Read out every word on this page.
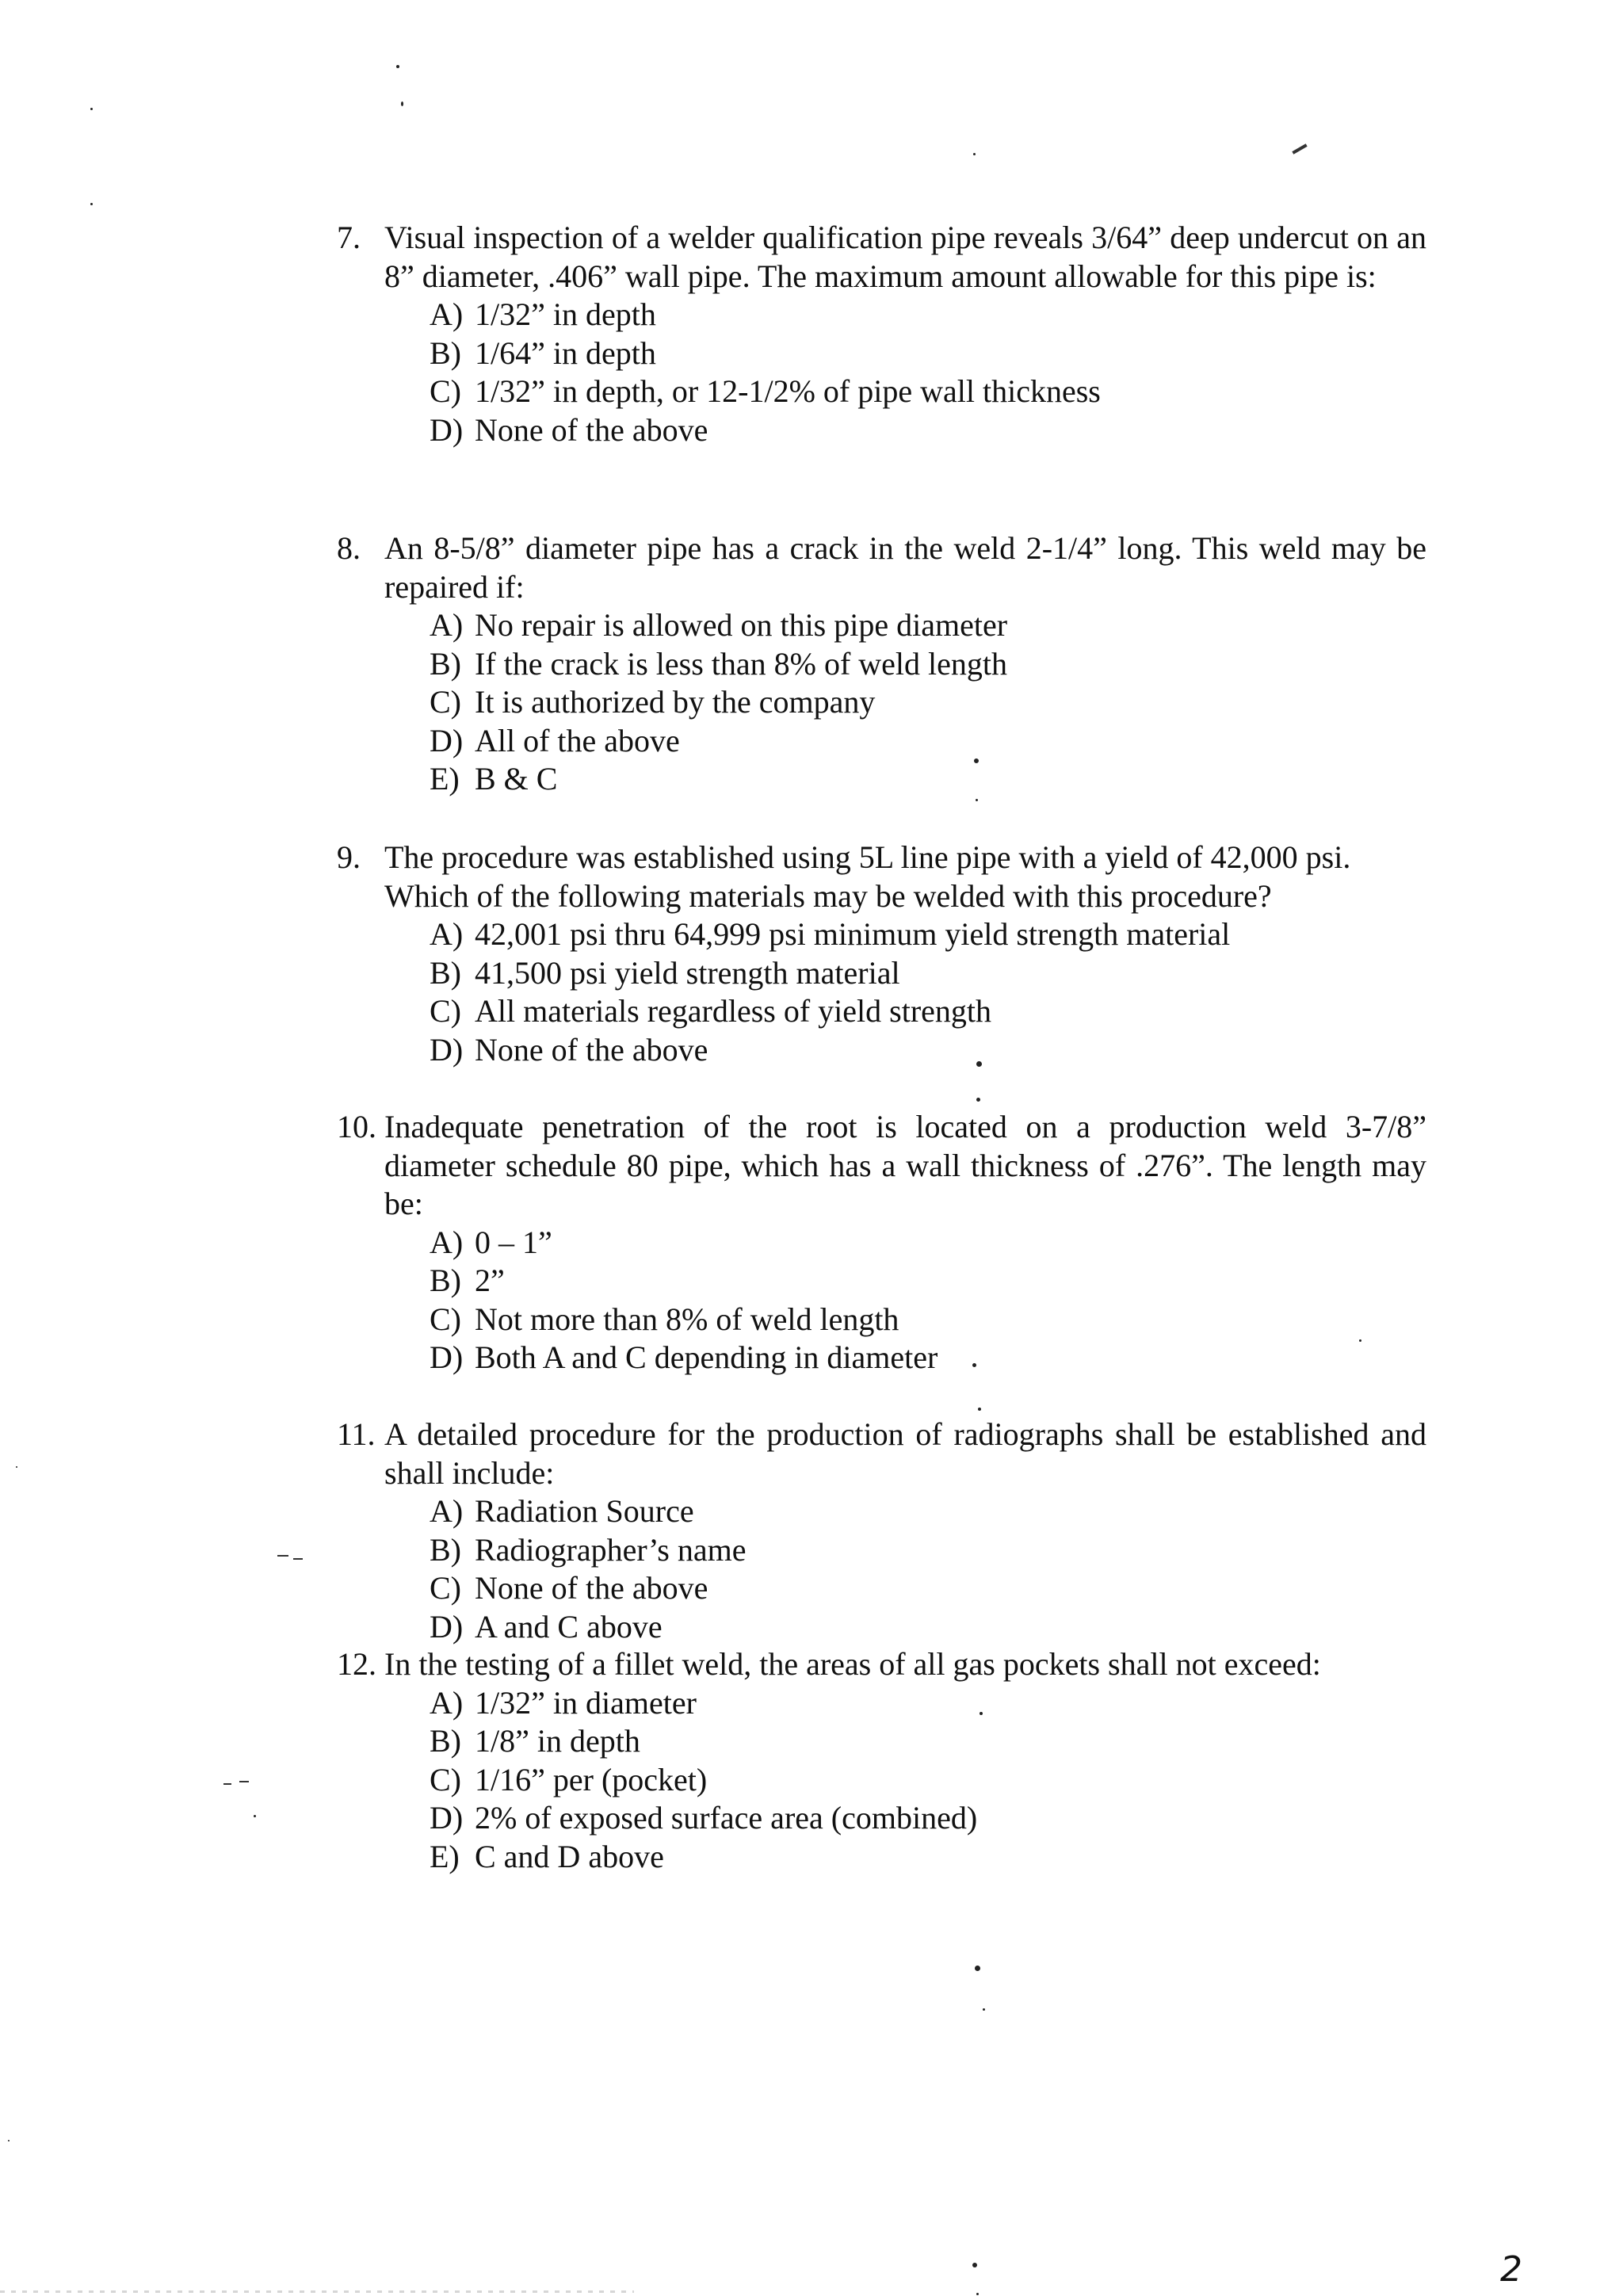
7. Visual inspection of a welder qualification pipe reveals 3/64” deep undercut on an 8” diameter, .406” wall pipe. The maximum amount allowable for this pipe is:
A) 1/32” in depth
B) 1/64” in depth
C) 1/32” in depth, or 12-1/2% of pipe wall thickness
D) None of the above
8. An 8-5/8” diameter pipe has a crack in the weld 2-1/4” long. This weld may be repaired if:
A) No repair is allowed on this pipe diameter
B) If the crack is less than 8% of weld length
C) It is authorized by the company
D) All of the above
E) B & C
9. The procedure was established using 5L line pipe with a yield of 42,000 psi. Which of the following materials may be welded with this procedure?
A) 42,001 psi thru 64,999 psi minimum yield strength material
B) 41,500 psi yield strength material
C) All materials regardless of yield strength
D) None of the above
10. Inadequate penetration of the root is located on a production weld 3-7/8” diameter schedule 80 pipe, which has a wall thickness of .276”. The length may be:
A) 0 – 1”
B) 2”
C) Not more than 8% of weld length
D) Both A and C depending in diameter
11. A detailed procedure for the production of radiographs shall be established and shall include:
A) Radiation Source
B) Radiographer’s name
C) None of the above
D) A and C above
12. In the testing of a fillet weld, the areas of all gas pockets shall not exceed:
A) 1/32” in diameter
B) 1/8” in depth
C) 1/16” per (pocket)
D) 2% of exposed surface area (combined)
E) C and D above
2
